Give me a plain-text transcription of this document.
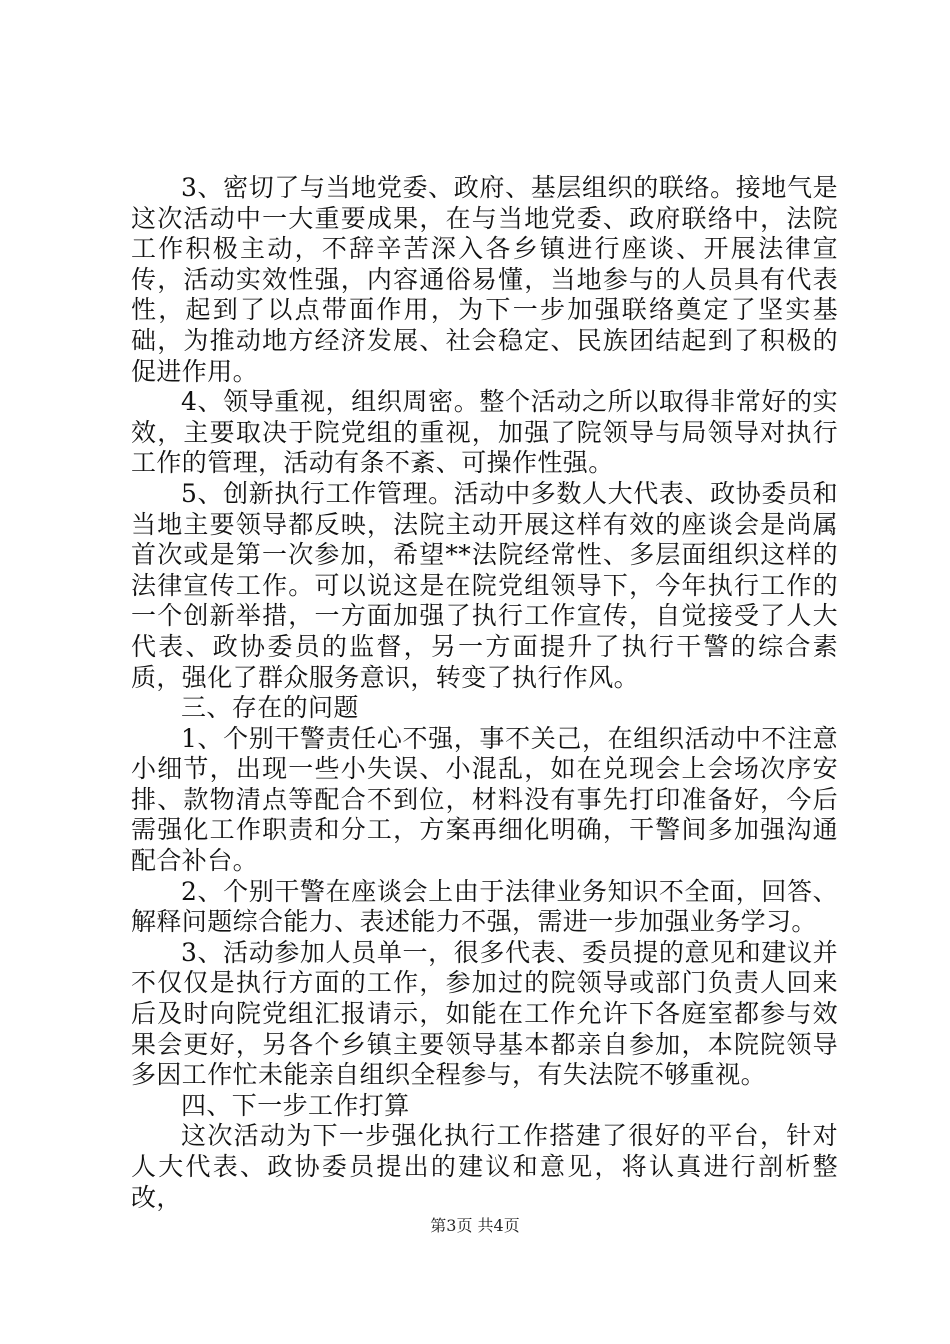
3、密切了与当地党委、政府、基层组织的联络。接地气是这次活动中一大重要成果，在与当地党委、政府联络中，法院工作积极主动，不辞辛苦深入各乡镇进行座谈、开展法律宣传，活动实效性强，内容通俗易懂，当地参与的人员具有代表性，起到了以点带面作用，为下一步加强联络奠定了坚实基础，为推动地方经济发展、社会稳定、民族团结起到了积极的促进作用。

4、领导重视，组织周密。整个活动之所以取得非常好的实效，主要取决于院党组的重视，加强了院领导与局领导对执行工作的管理，活动有条不紊、可操作性强。

5、创新执行工作管理。活动中多数人大代表、政协委员和当地主要领导都反映，法院主动开展这样有效的座谈会是尚属首次或是第一次参加，希望**法院经常性、多层面组织这样的法律宣传工作。可以说这是在院党组领导下，今年执行工作的一个创新举措，一方面加强了执行工作宣传，自觉接受了人大代表、政协委员的监督，另一方面提升了执行干警的综合素质，强化了群众服务意识，转变了执行作风。

三、存在的问题

1、个别干警责任心不强，事不关己，在组织活动中不注意小细节，出现一些小失误、小混乱，如在兑现会上会场次序安排、款物清点等配合不到位，材料没有事先打印准备好，今后需强化工作职责和分工，方案再细化明确，干警间多加强沟通配合补台。

2、个别干警在座谈会上由于法律业务知识不全面，回答、解释问题综合能力、表述能力不强，需进一步加强业务学习。

3、活动参加人员单一，很多代表、委员提的意见和建议并不仅仅是执行方面的工作，参加过的院领导或部门负责人回来后及时向院党组汇报请示，如能在工作允许下各庭室都参与效果会更好，另各个乡镇主要领导基本都亲自参加，本院院领导多因工作忙未能亲自组织全程参与，有失法院不够重视。

四、下一步工作打算

这次活动为下一步强化执行工作搭建了很好的平台，针对人大代表、政协委员提出的建议和意见，将认真进行剖析整改，

第3页 共4页
